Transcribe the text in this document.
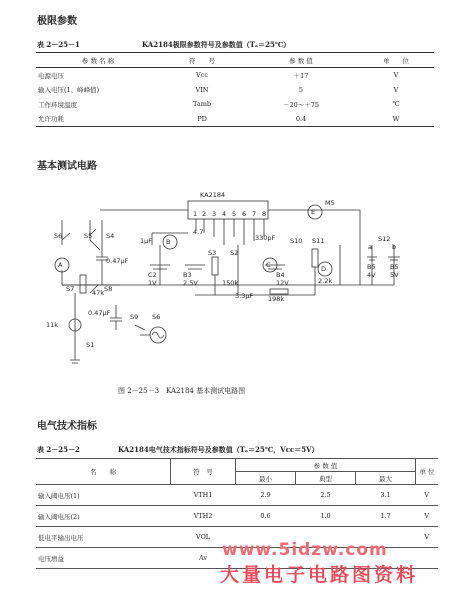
极限参数
表 2－25－1	KA2184极限参数符号及参数值（Tₐ＝25℃）
参 数 名 称	符　　号	参 数 值	单　　位
电源电压	Vcc	＋17	V
输入电压(1、峰峰值)	VIN	5	V
工作环境温度	Tamb	－20～＋75	℃
允许功耗	PD	0.4	W
基本测试电路
KA2184
1 2 3 4 5 6 7 8
S6	S5 S4
A
B
4.7
1μF
0.47μF
C2
1V
B3
2.5V
S3 S2
150k
330pF
C
S10 S11
B4
12V
D
2.2k
E
M5
3.3μF 198k
S12
a
B5
4V
B5
5V
b
S7	47k S8
11k
0.47μF	S9 S6
S1
图 2－25－3　KA2184 基本测试电路图
电气技术指标
表 2－25－2	KA2184电气技术指标符号及参数值（Tₐ＝25℃，Vcc＝5V）
名　　称	符　号	参 数 值			单 位
		最小	典型	最大	
输入阈电压(1)	VTH1	2.9	2.5	3.1	V
输入阈电压(2)	VTH2	0.6	1.0	1.7	V
低电平输出电压	VOL				V
电压增益	Av				www.5idzw.com
大量电子电路图资料
